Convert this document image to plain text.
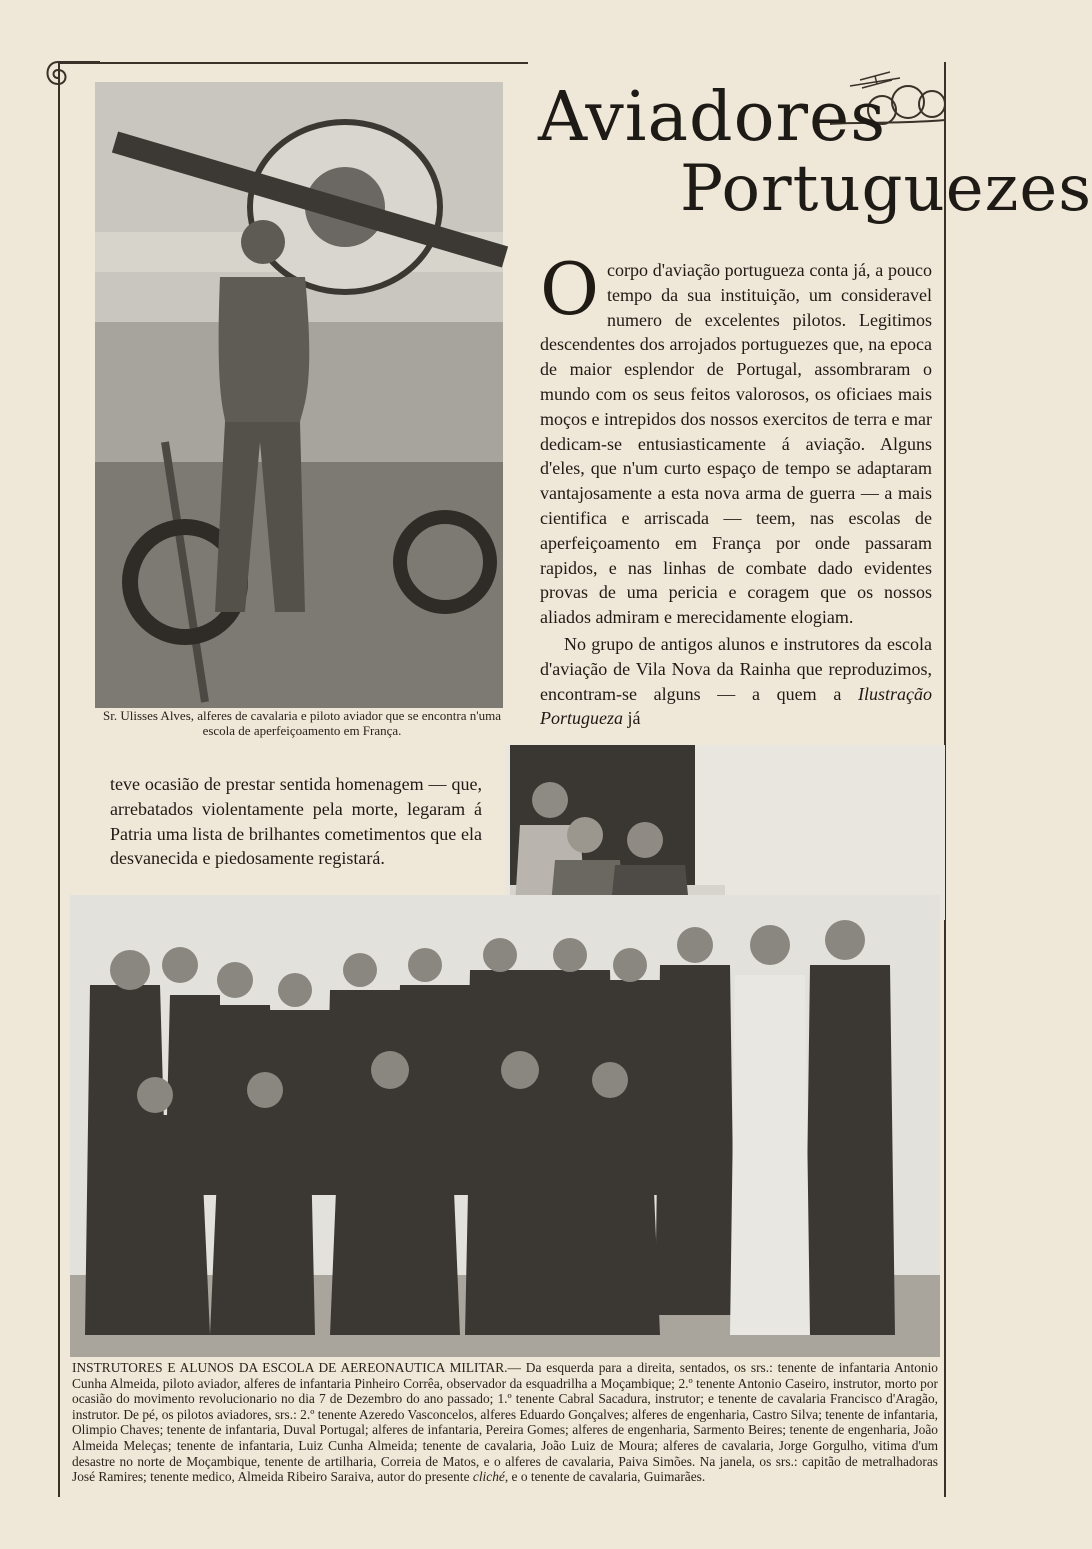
Sr. Ulisses Alves, alferes de cavalaria e piloto aviador que se encontra n'uma escola de aperfeiçoamento em França.
Aviadores
Portuguezes

Ocorpo d'aviação portugueza conta já, a pouco tempo da sua instituição, um consideravel numero de excelentes pilotos. Legitimos descendentes dos arrojados portuguezes que, na epoca de maior esplendor de Portugal, assombraram o mundo com os seus feitos valorosos, os oficiaes mais moços e intrepidos dos nossos exercitos de terra e mar dedicam-se entusiasticamente á aviação. Alguns d'eles, que n'um curto espaço de tempo se adaptaram vantajosamente a esta nova arma de guerra — a mais cientifica e arriscada — teem, nas escolas de aperfeiçoamento em França por onde passaram rapidos, e nas linhas de combate dado evidentes provas de uma pericia e coragem que os nossos aliados admiram e merecidamente elogiam.

No grupo de antigos alunos e instrutores da escola d'aviação de Vila Nova da Rainha que reproduzimos, encontram-se alguns — a quem a Ilustração Portugueza já

teve ocasião de prestar sentida homenagem — que, arrebatados violentamente pela morte, legaram á Patria uma lista de brilhantes cometimentos que ela desvanecida e piedosamente registará.
INSTRUTORES E ALUNOS DA ESCOLA DE AEREONAUTICA MILITAR.— Da esquerda para a direita, sentados, os srs.: tenente de infantaria Antonio Cunha Almeida, piloto aviador, alferes de infantaria Pinheiro Corrêa, observador da esquadrilha a Moçambique; 2.º tenente Antonio Caseiro, instrutor, morto por ocasião do movimento revolucionario no dia 7 de Dezembro do ano passado; 1.º tenente Cabral Sacadura, instrutor; e tenente de cavalaria Francisco d'Aragão, instrutor. De pé, os pilotos aviadores, srs.: 2.º tenente Azeredo Vasconcelos, alferes Eduardo Gonçalves; alferes de engenharia, Castro Silva; tenente de infantaria, Olimpio Chaves; tenente de infantaria, Duval Portugal; alferes de infantaria, Pereira Gomes; alferes de engenharia, Sarmento Beires; tenente de engenharia, João Almeida Meleças; tenente de infantaria, Luiz Cunha Almeida; tenente de cavalaria, João Luiz de Moura; alferes de cavalaria, Jorge Gorgulho, vitima d'um desastre no norte de Moçambique, tenente de artilharia, Correia de Matos, e o alferes de cavalaria, Paiva Simões. Na janela, os srs.: capitão de metralhadoras José Ramires; tenente medico, Almeida Ribeiro Saraiva, autor do presente cliché, e o tenente de cavalaria, Guimarães.
